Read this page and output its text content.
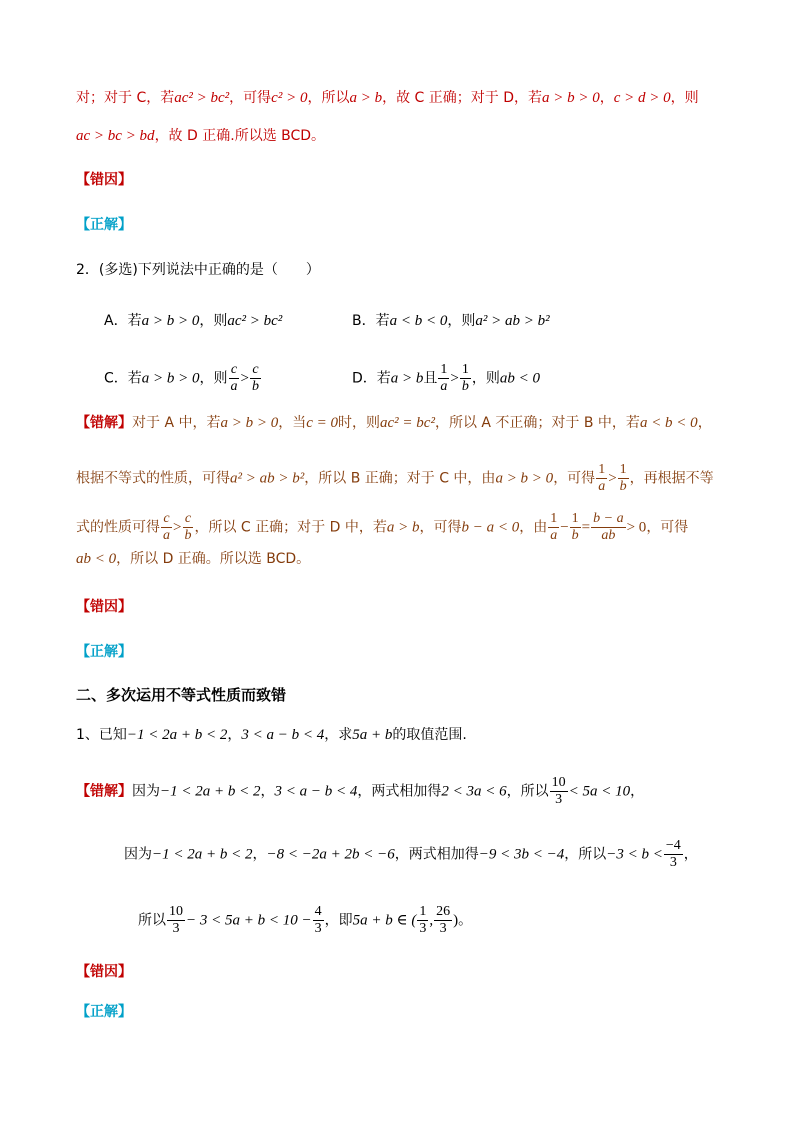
对；对于 C，若ac² > bc²，可得c² > 0，所以a > b，故 C 正确；对于 D，若a > b > 0，c > d > 0，则
ac > bc > bd，故 D 正确.所以选 BCD。
【错因】
【正解】
2．(多选)下列说法中正确的是（　　）
A．若a > b > 0，则ac² > bc²	B．若a < b < 0，则a² > ab > b²
C．若a > b > 0，则 $\frac{c}{a} > \frac{c}{b}$	D．若a > b且 $\frac{1}{a} > \frac{1}{b}$ ，则ab < 0
【错解】对于 A 中，若a > b > 0，当c = 0时，则ac² = bc²，所以 A 不正确；对于 B 中，若a < b < 0，
根据不等式的性质，可得a² > ab > b²，所以 B 正确；对于 C 中，由a > b > 0，可得 $\frac{1}{a} > \frac{1}{b}$ ，再根据不等
式的性质可得 $\frac{c}{a} > \frac{c}{b}$ ，所以 C 正确；对于 D 中，若a > b，可得b − a < 0，由 $\frac{1}{a} - \frac{1}{b} = \frac{b - a}{ab} > 0$，可得
ab < 0，所以 D 正确。所以选 BCD。
【错因】
【正解】
二、多次运用不等式性质而致错
1、已知−1 < 2a + b < 2，3 < a − b < 4，求5a + b的取值范围.
【错解】因为−1 < 2a + b < 2，3 < a − b < 4，两式相加得2 < 3a < 6，所以 $\frac{10}{3} < 5a < 10$，
因为−1 < 2a + b < 2，−8 < −2a + 2b < −6，两式相加得−9 < 3b < −4，所以$-3 < b < \frac{-4}{3}$ ，
所以 $\frac{10}{3} - 3 < 5a + b < 10 - \frac{4}{3}$ ，即5a + b ∈ ( $\frac{1}{3}$ , $\frac{26}{3}$ )。
【错因】
【正解】
